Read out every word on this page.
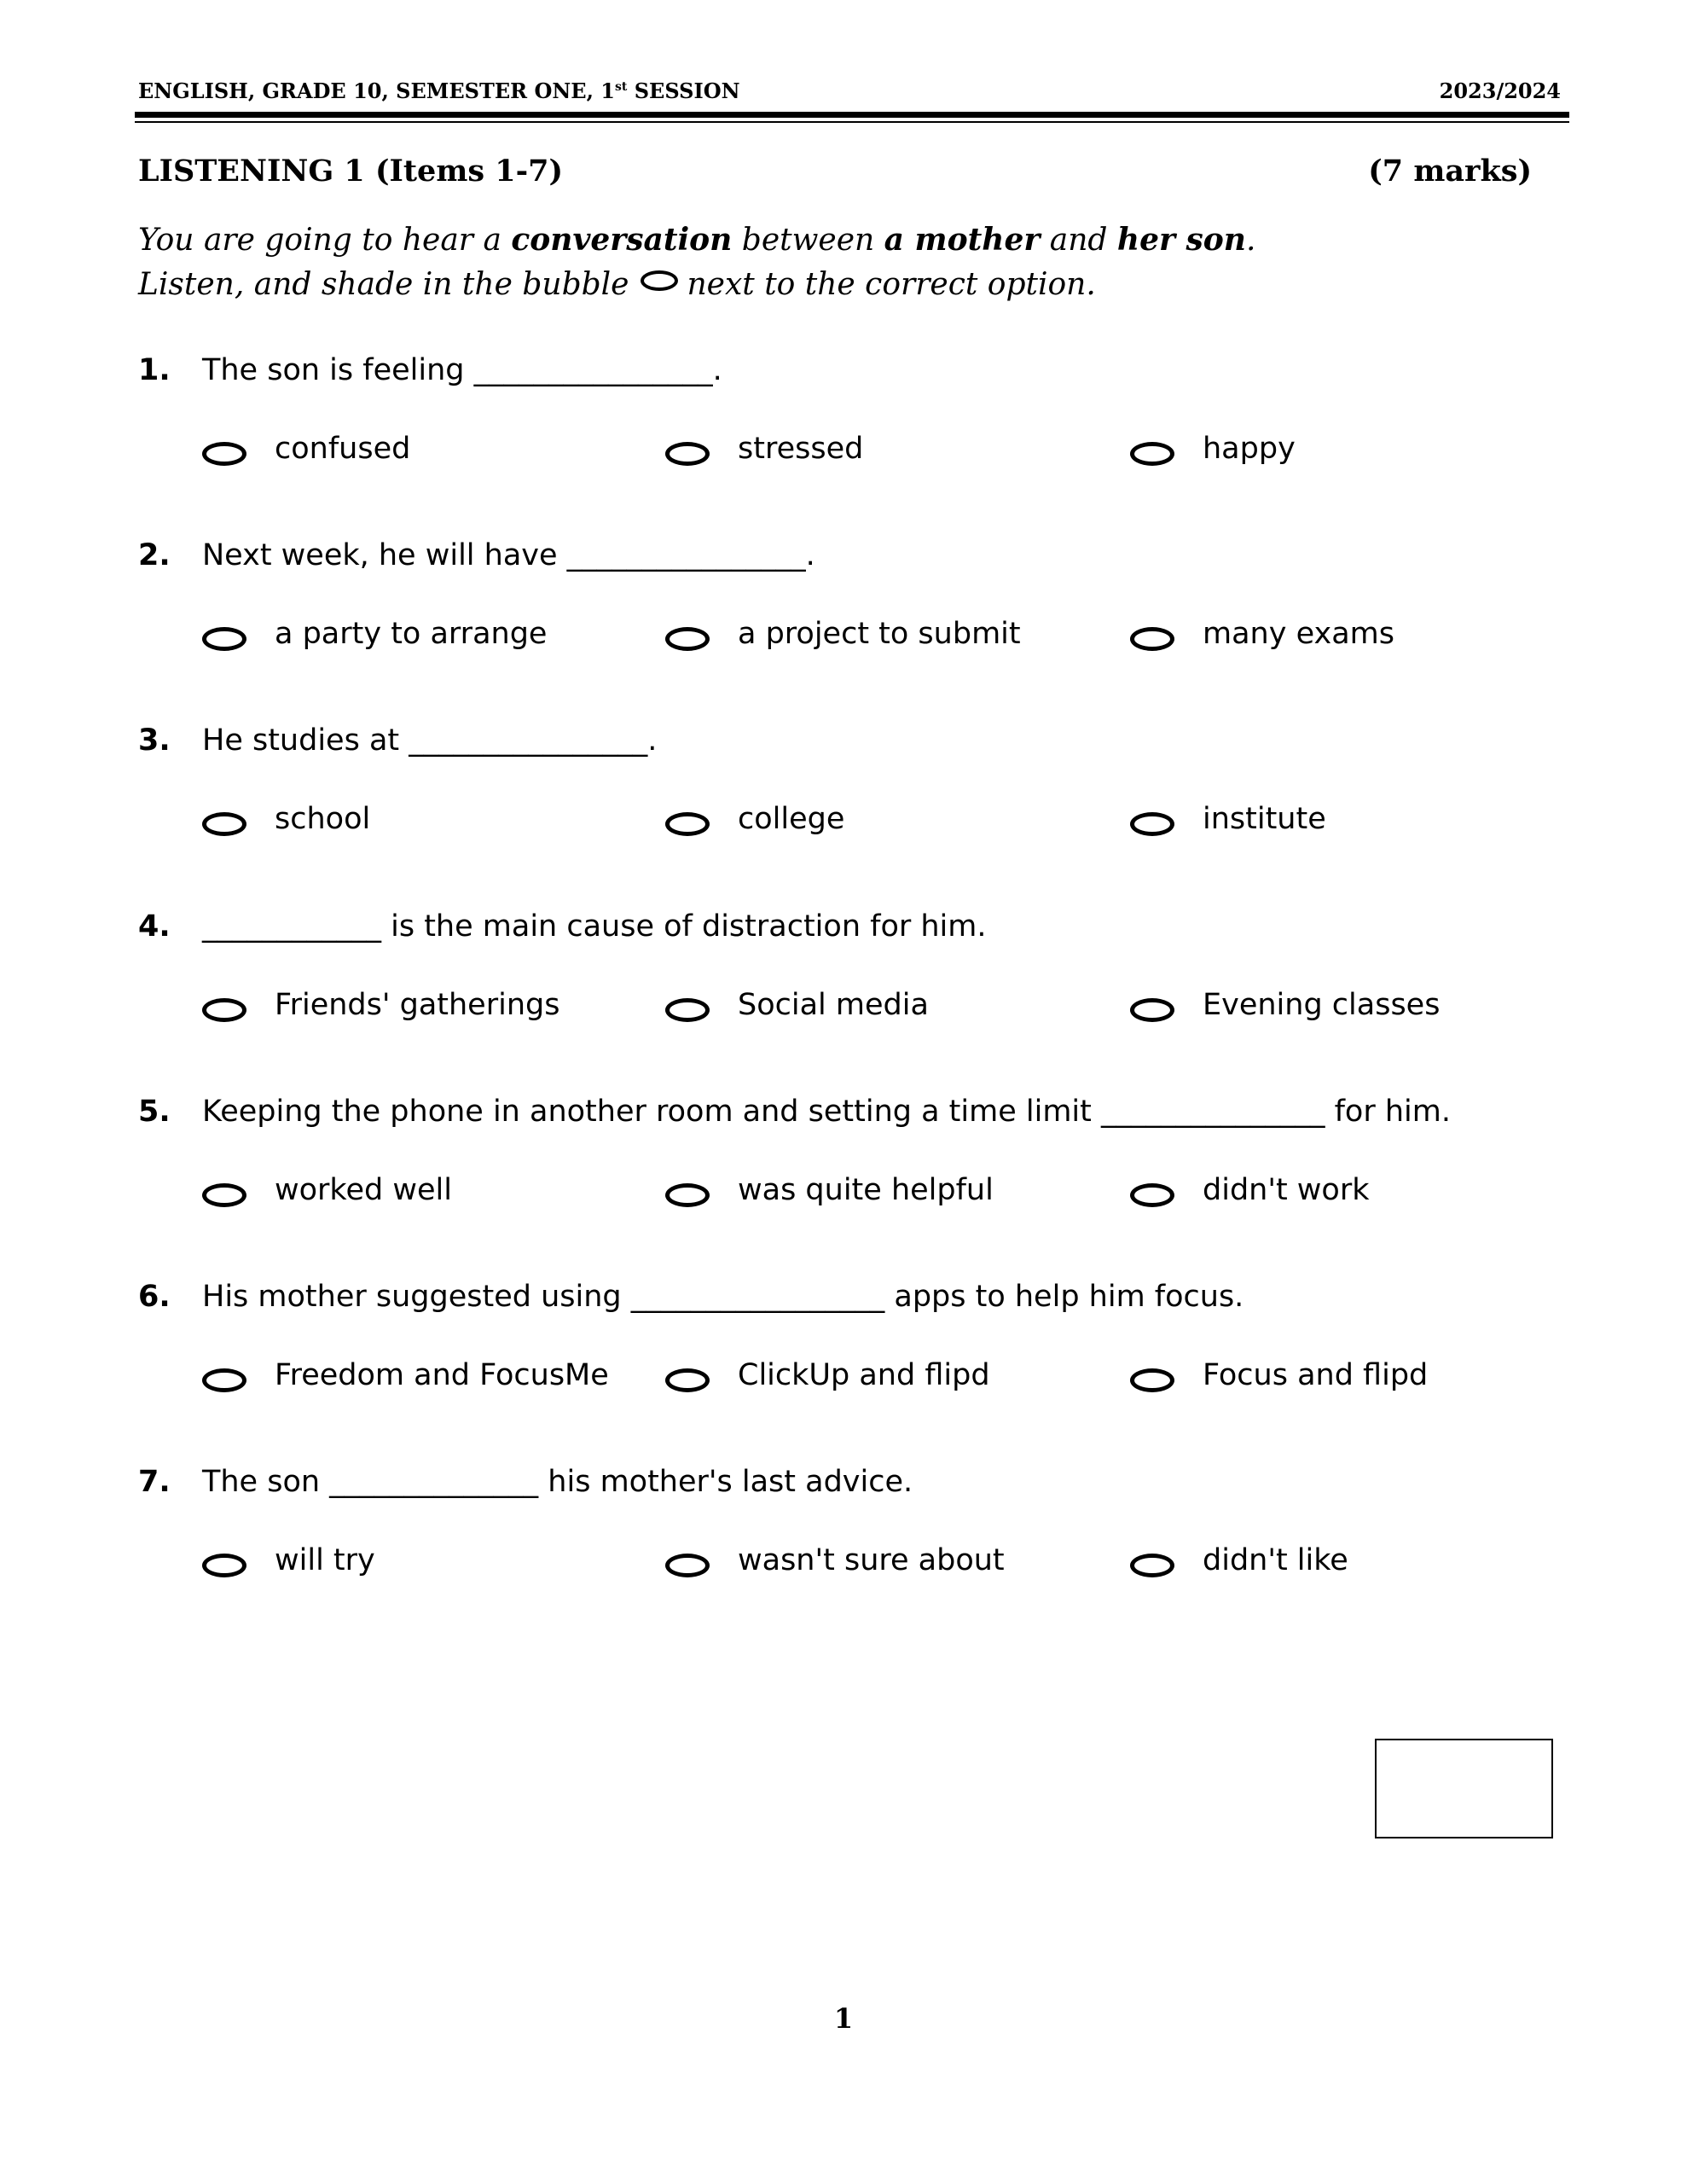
ENGLISH, GRADE 10, SEMESTER ONE, 1st SESSION	2023/2024
LISTENING 1 (Items 1-7)	(7 marks)
You are going to hear a conversation between a mother and her son.
Listen, and shade in the bubble next to the correct option.
1. The son is feeling ________________.
confused	stressed	happy
2. Next week, he will have ________________.
a party to arrange	a project to submit	many exams
3. He studies at ________________.
school	college	institute
4. ____________ is the main cause of distraction for him.
Friends' gatherings	Social media	Evening classes
5. Keeping the phone in another room and setting a time limit _______________ for him.
worked well	was quite helpful	didn't work
6. His mother suggested using _________________ apps to help him focus.
Freedom and FocusMe	ClickUp and flipd	Focus and flipd
7. The son ______________ his mother's last advice.
will try	wasn't sure about	didn't like
1
